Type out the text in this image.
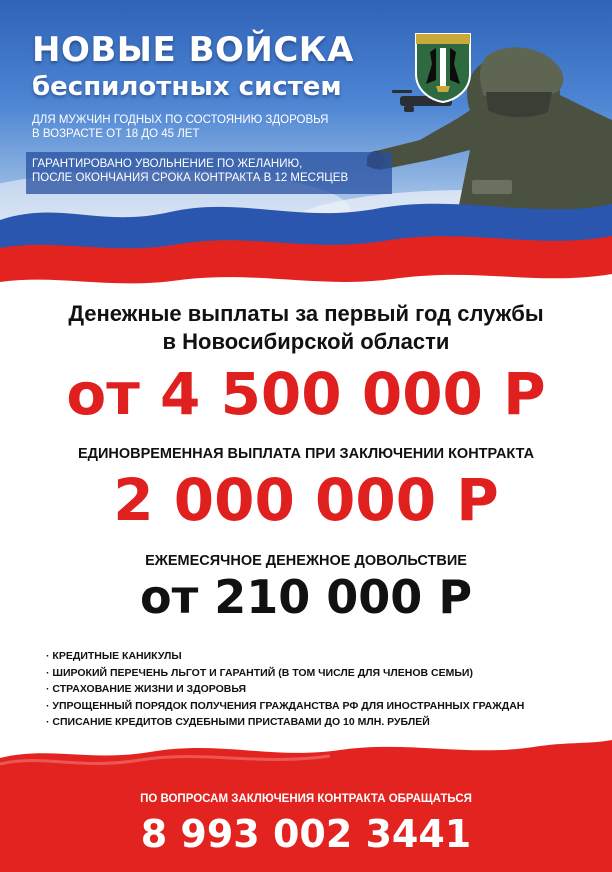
НОВЫЕ ВОЙСКА
беспилотных систем
ДЛЯ МУЖЧИН ГОДНЫХ ПО СОСТОЯНИЮ ЗДОРОВЬЯ
В ВОЗРАСТЕ ОТ 18 ДО 45 ЛЕТ
ГАРАНТИРОВАНО УВОЛЬНЕНИЕ ПО ЖЕЛАНИЮ,
ПОСЛЕ ОКОНЧАНИЯ СРОКА КОНТРАКТА В 12 МЕСЯЦЕВ
Денежные выплаты за первый год службы
в Новосибирской области
от 4 500 000 Р
ЕДИНОВРЕМЕННАЯ ВЫПЛАТА ПРИ ЗАКЛЮЧЕНИИ КОНТРАКТА
2 000 000 Р
ЕЖЕМЕСЯЧНОЕ ДЕНЕЖНОЕ ДОВОЛЬСТВИЕ
от 210 000 Р
· КРЕДИТНЫЕ КАНИКУЛЫ
· ШИРОКИЙ ПЕРЕЧЕНЬ ЛЬГОТ И ГАРАНТИЙ (В ТОМ ЧИСЛЕ ДЛЯ ЧЛЕНОВ СЕМЬИ)
· СТРАХОВАНИЕ ЖИЗНИ И ЗДОРОВЬЯ
· УПРОЩЕННЫЙ ПОРЯДОК ПОЛУЧЕНИЯ ГРАЖДАНСТВА РФ ДЛЯ ИНОСТРАННЫХ ГРАЖДАН
· СПИСАНИЕ КРЕДИТОВ СУДЕБНЫМИ ПРИСТАВАМИ ДО 10 МЛН. РУБЛЕЙ
ПО ВОПРОСАМ ЗАКЛЮЧЕНИЯ КОНТРАКТА ОБРАЩАТЬСЯ
8 993 002 3441
